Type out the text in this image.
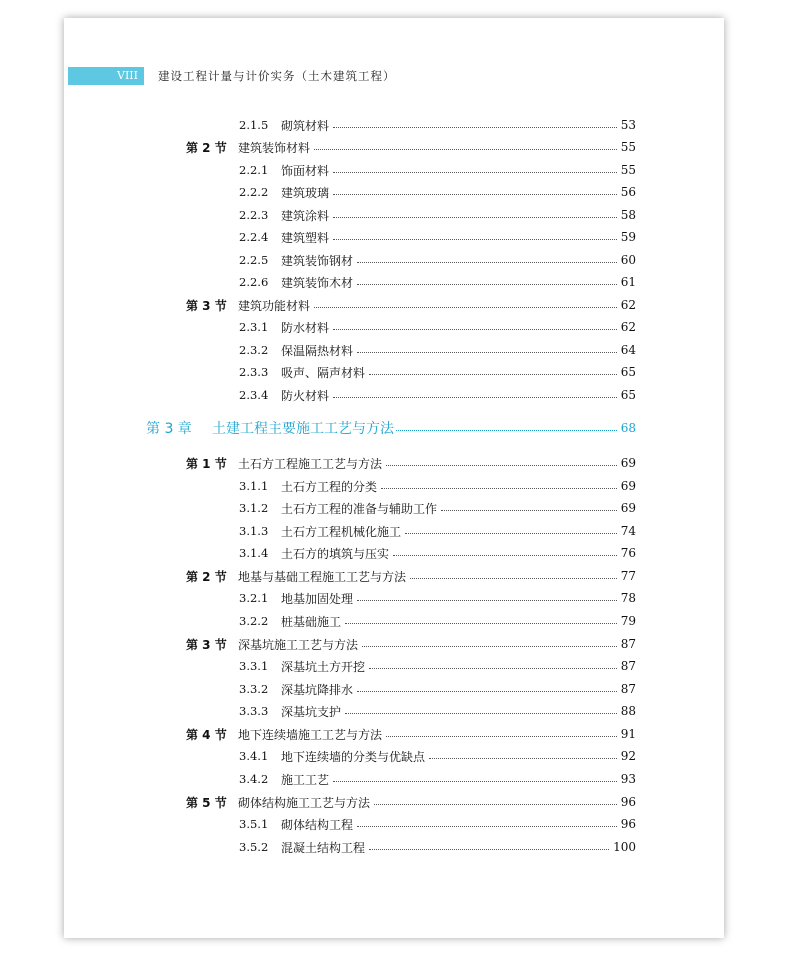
VIII	建设工程计量与计价实务（土木建筑工程）
2.1.5	砌筑材料	53
第 2 节 建筑装饰材料	55
2.2.1	饰面材料	55
2.2.2	建筑玻璃	56
2.2.3	建筑涂料	58
2.2.4	建筑塑料	59
2.2.5	建筑装饰钢材	60
2.2.6	建筑装饰木材	61
第 3 节 建筑功能材料	62
2.3.1	防水材料	62
2.3.2	保温隔热材料	64
2.3.3	吸声、隔声材料	65
2.3.4	防火材料	65
第 3 章	土建工程主要施工工艺与方法	68
第 1 节 土石方工程施工工艺与方法	69
3.1.1	土石方工程的分类	69
3.1.2	土石方工程的准备与辅助工作	69
3.1.3	土石方工程机械化施工	74
3.1.4	土石方的填筑与压实	76
第 2 节 地基与基础工程施工工艺与方法	77
3.2.1	地基加固处理	78
3.2.2	桩基础施工	79
第 3 节 深基坑施工工艺与方法	87
3.3.1	深基坑土方开挖	87
3.3.2	深基坑降排水	87
3.3.3	深基坑支护	88
第 4 节 地下连续墙施工工艺与方法	91
3.4.1	地下连续墙的分类与优缺点	92
3.4.2	施工工艺	93
第 5 节 砌体结构施工工艺与方法	96
3.5.1	砌体结构工程	96
3.5.2	混凝土结构工程	100
